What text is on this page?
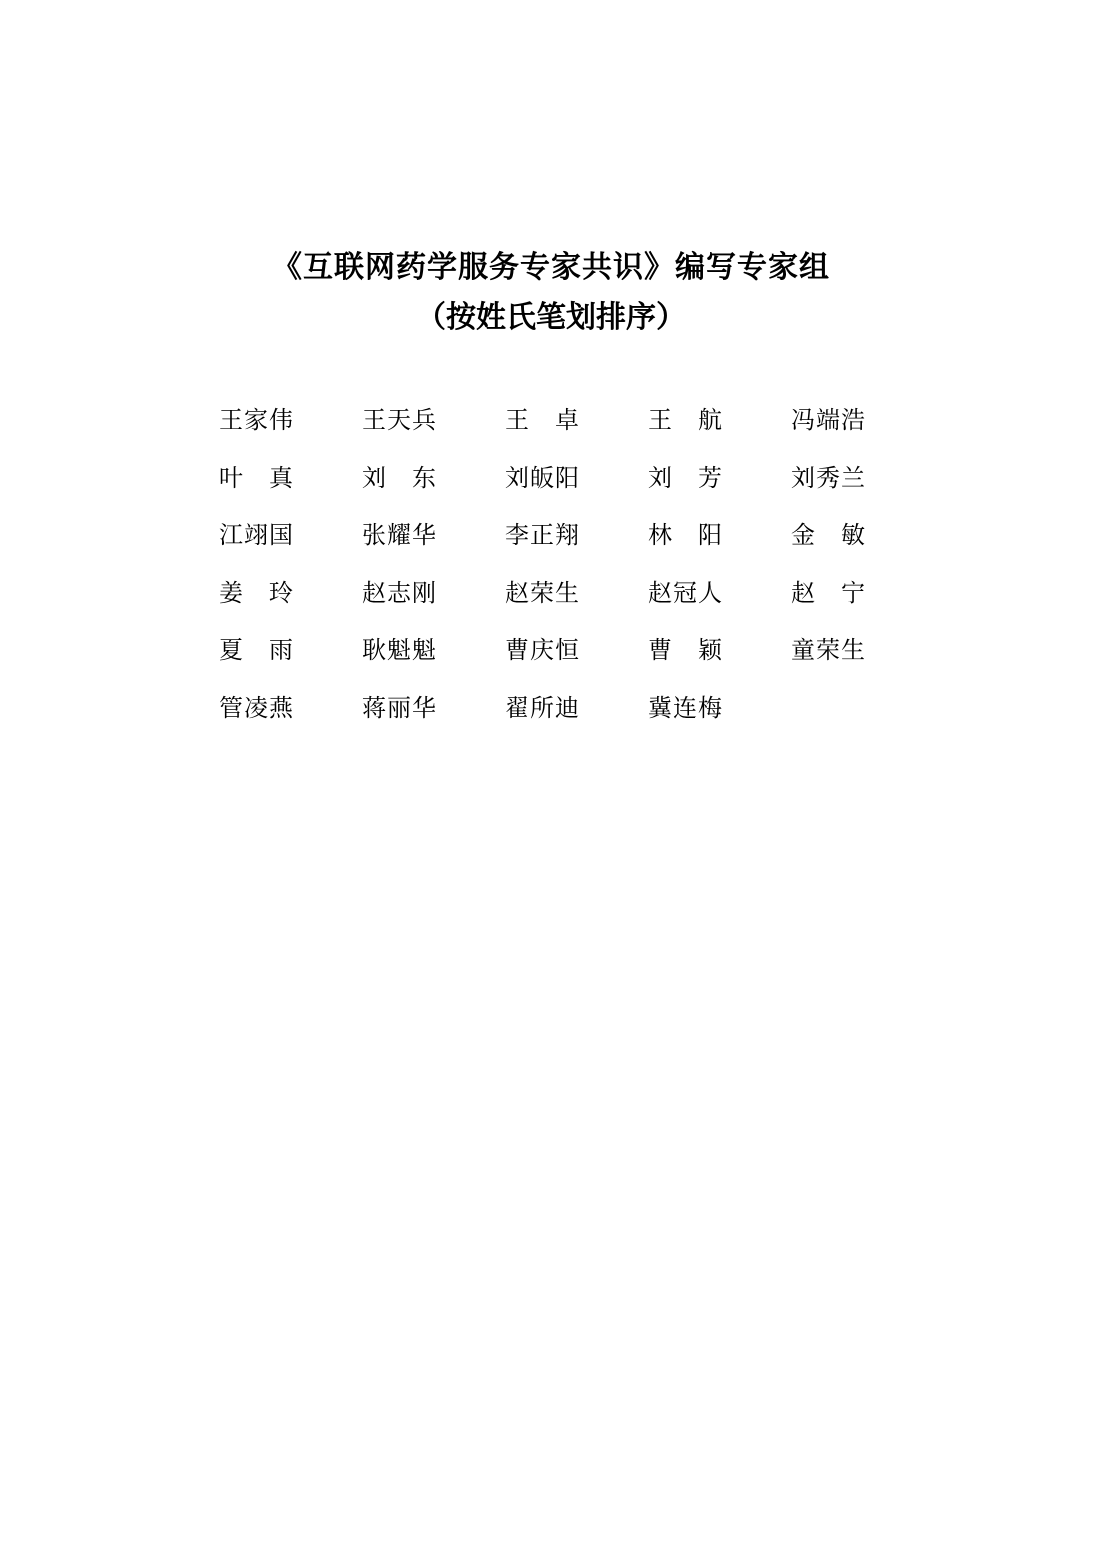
《互联网药学服务专家共识》编写专家组

（按姓氏笔划排序）

王家伟	王天兵	王　卓	王　航	冯端浩
叶　真	刘　东	刘皈阳	刘　芳	刘秀兰
江翊国	张耀华	李正翔	林　阳	金　敏
姜　玲	赵志刚	赵荣生	赵冠人	赵　宁
夏　雨	耿魁魁	曹庆恒	曹　颖	童荣生
管凌燕	蒋丽华	翟所迪	冀连梅
